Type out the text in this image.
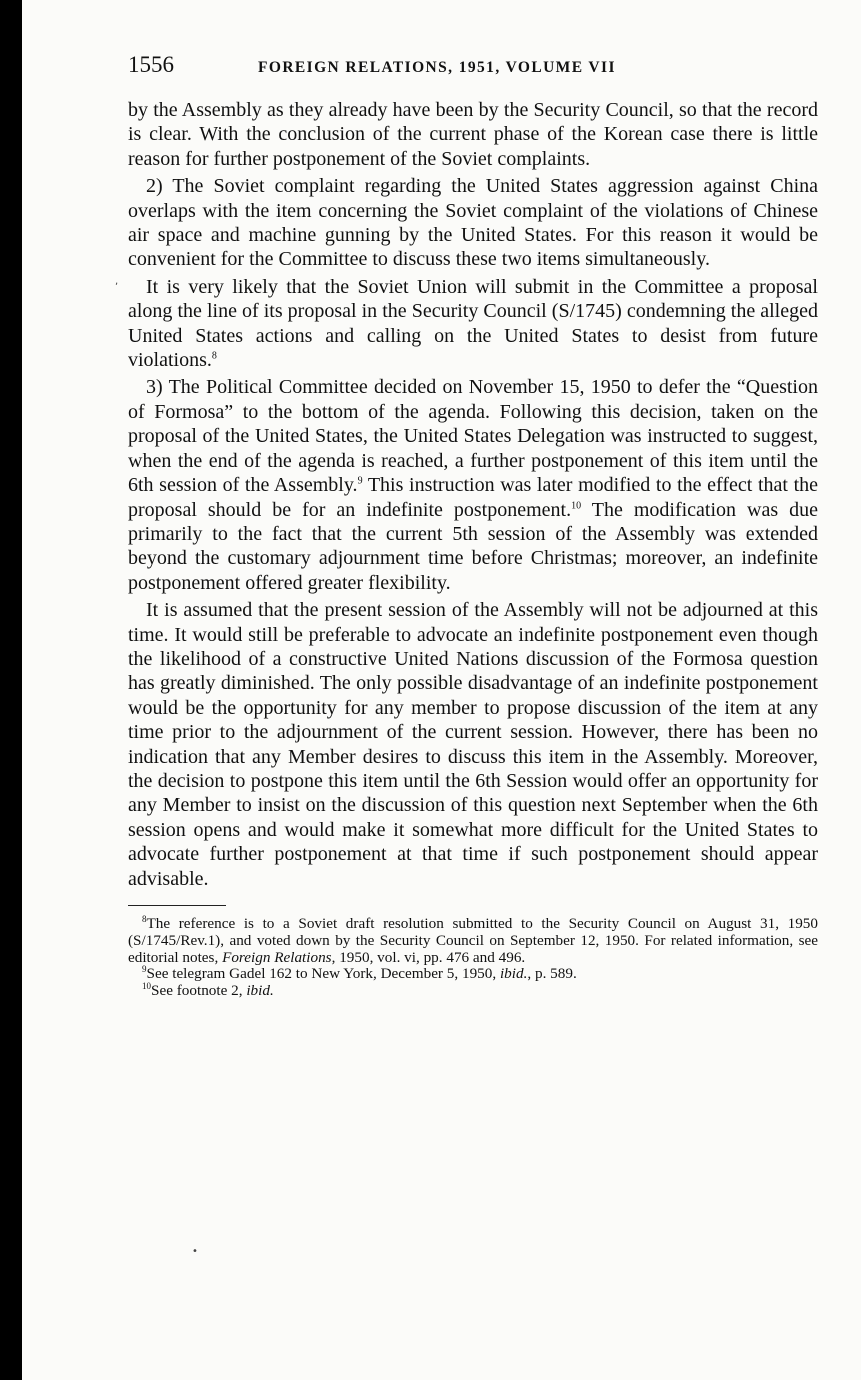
1556	FOREIGN RELATIONS, 1951, VOLUME VII

by the Assembly as they already have been by the Security Council, so that the record is clear. With the conclusion of the current phase of the Korean case there is little reason for further postponement of the Soviet complaints.

2) The Soviet complaint regarding the United States aggression against China overlaps with the item concerning the Soviet complaint of the violations of Chinese air space and machine gunning by the United States. For this reason it would be convenient for the Committee to discuss these two items simultaneously.

It is very likely that the Soviet Union will submit in the Committee a proposal along the line of its proposal in the Security Council (S/1745) condemning the alleged United States actions and calling on the United States to desist from future violations.$^8$

3) The Political Committee decided on November 15, 1950 to defer the “Question of Formosa” to the bottom of the agenda. Following this decision, taken on the proposal of the United States, the United States Delegation was instructed to suggest, when the end of the agenda is reached, a further postponement of this item until the 6th session of the Assembly.$^9$ This instruction was later modified to the effect that the proposal should be for an indefinite postponement.$^{10}$ The modification was due primarily to the fact that the current 5th session of the Assembly was extended beyond the customary adjournment time before Christmas; moreover, an indefinite postponement offered greater flexibility.

It is assumed that the present session of the Assembly will not be adjourned at this time. It would still be preferable to advocate an indefinite postponement even though the likelihood of a constructive United Nations discussion of the Formosa question has greatly diminished. The only possible disadvantage of an indefinite postponement would be the opportunity for any member to propose discussion of the item at any time prior to the adjournment of the current session. However, there has been no indication that any Member desires to discuss this item in the Assembly. Moreover, the decision to postpone this item until the 6th Session would offer an opportunity for any Member to insist on the discussion of this question next September when the 6th session opens and would make it somewhat more difficult for the United States to advocate further postponement at that time if such postponement should appear advisable.

$^8$The reference is to a Soviet draft resolution submitted to the Security Council on August 31, 1950 (S/1745/Rev.1), and voted down by the Security Council on September 12, 1950. For related information, see editorial notes, Foreign Relations, 1950, vol. vi, pp. 476 and 496.

$^9$See telegram Gadel 162 to New York, December 5, 1950, ibid., p. 589.

$^{10}$See footnote 2, ibid.

,
•
